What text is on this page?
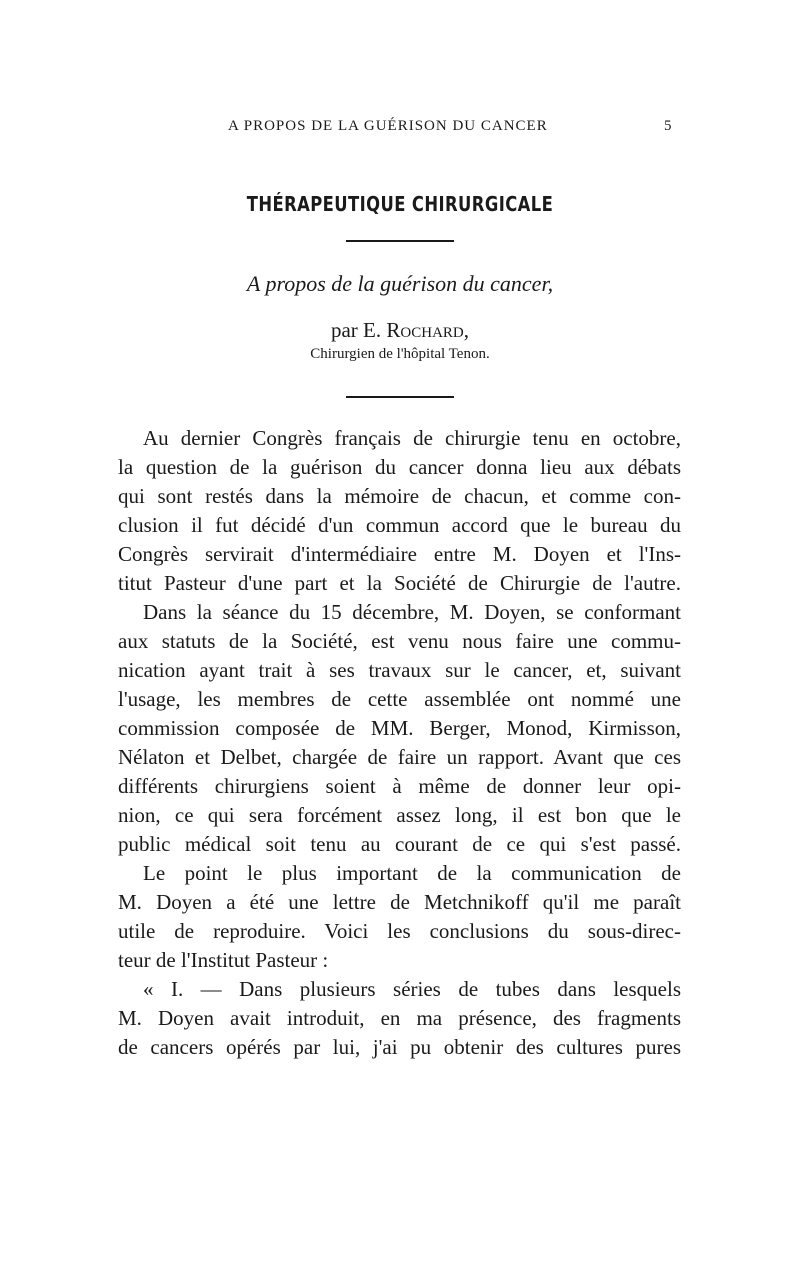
A PROPOS DE LA GUÉRISON DU CANCER	5
THÉRAPEUTIQUE CHIRURGICALE
A propos de la guérison du cancer,
par E. Rochard,
Chirurgien de l'hôpital Tenon.
Au dernier Congrès français de chirurgie tenu en octobre,
la question de la guérison du cancer donna lieu aux débats
qui sont restés dans la mémoire de chacun, et comme con-
clusion il fut décidé d'un commun accord que le bureau du
Congrès servirait d'intermédiaire entre M. Doyen et l'Ins-
titut Pasteur d'une part et la Société de Chirurgie de l'autre.
Dans la séance du 15 décembre, M. Doyen, se conformant
aux statuts de la Société, est venu nous faire une commu-
nication ayant trait à ses travaux sur le cancer, et, suivant
l'usage, les membres de cette assemblée ont nommé une
commission composée de MM. Berger, Monod, Kirmisson,
Nélaton et Delbet, chargée de faire un rapport. Avant que ces
différents chirurgiens soient à même de donner leur opi-
nion, ce qui sera forcément assez long, il est bon que le
public médical soit tenu au courant de ce qui s'est passé.
Le point le plus important de la communication de
M. Doyen a été une lettre de Metchnikoff qu'il me paraît
utile de reproduire. Voici les conclusions du sous-direc-
teur de l'Institut Pasteur :
« I. — Dans plusieurs séries de tubes dans lesquels
M. Doyen avait introduit, en ma présence, des fragments
de cancers opérés par lui, j'ai pu obtenir des cultures pures
